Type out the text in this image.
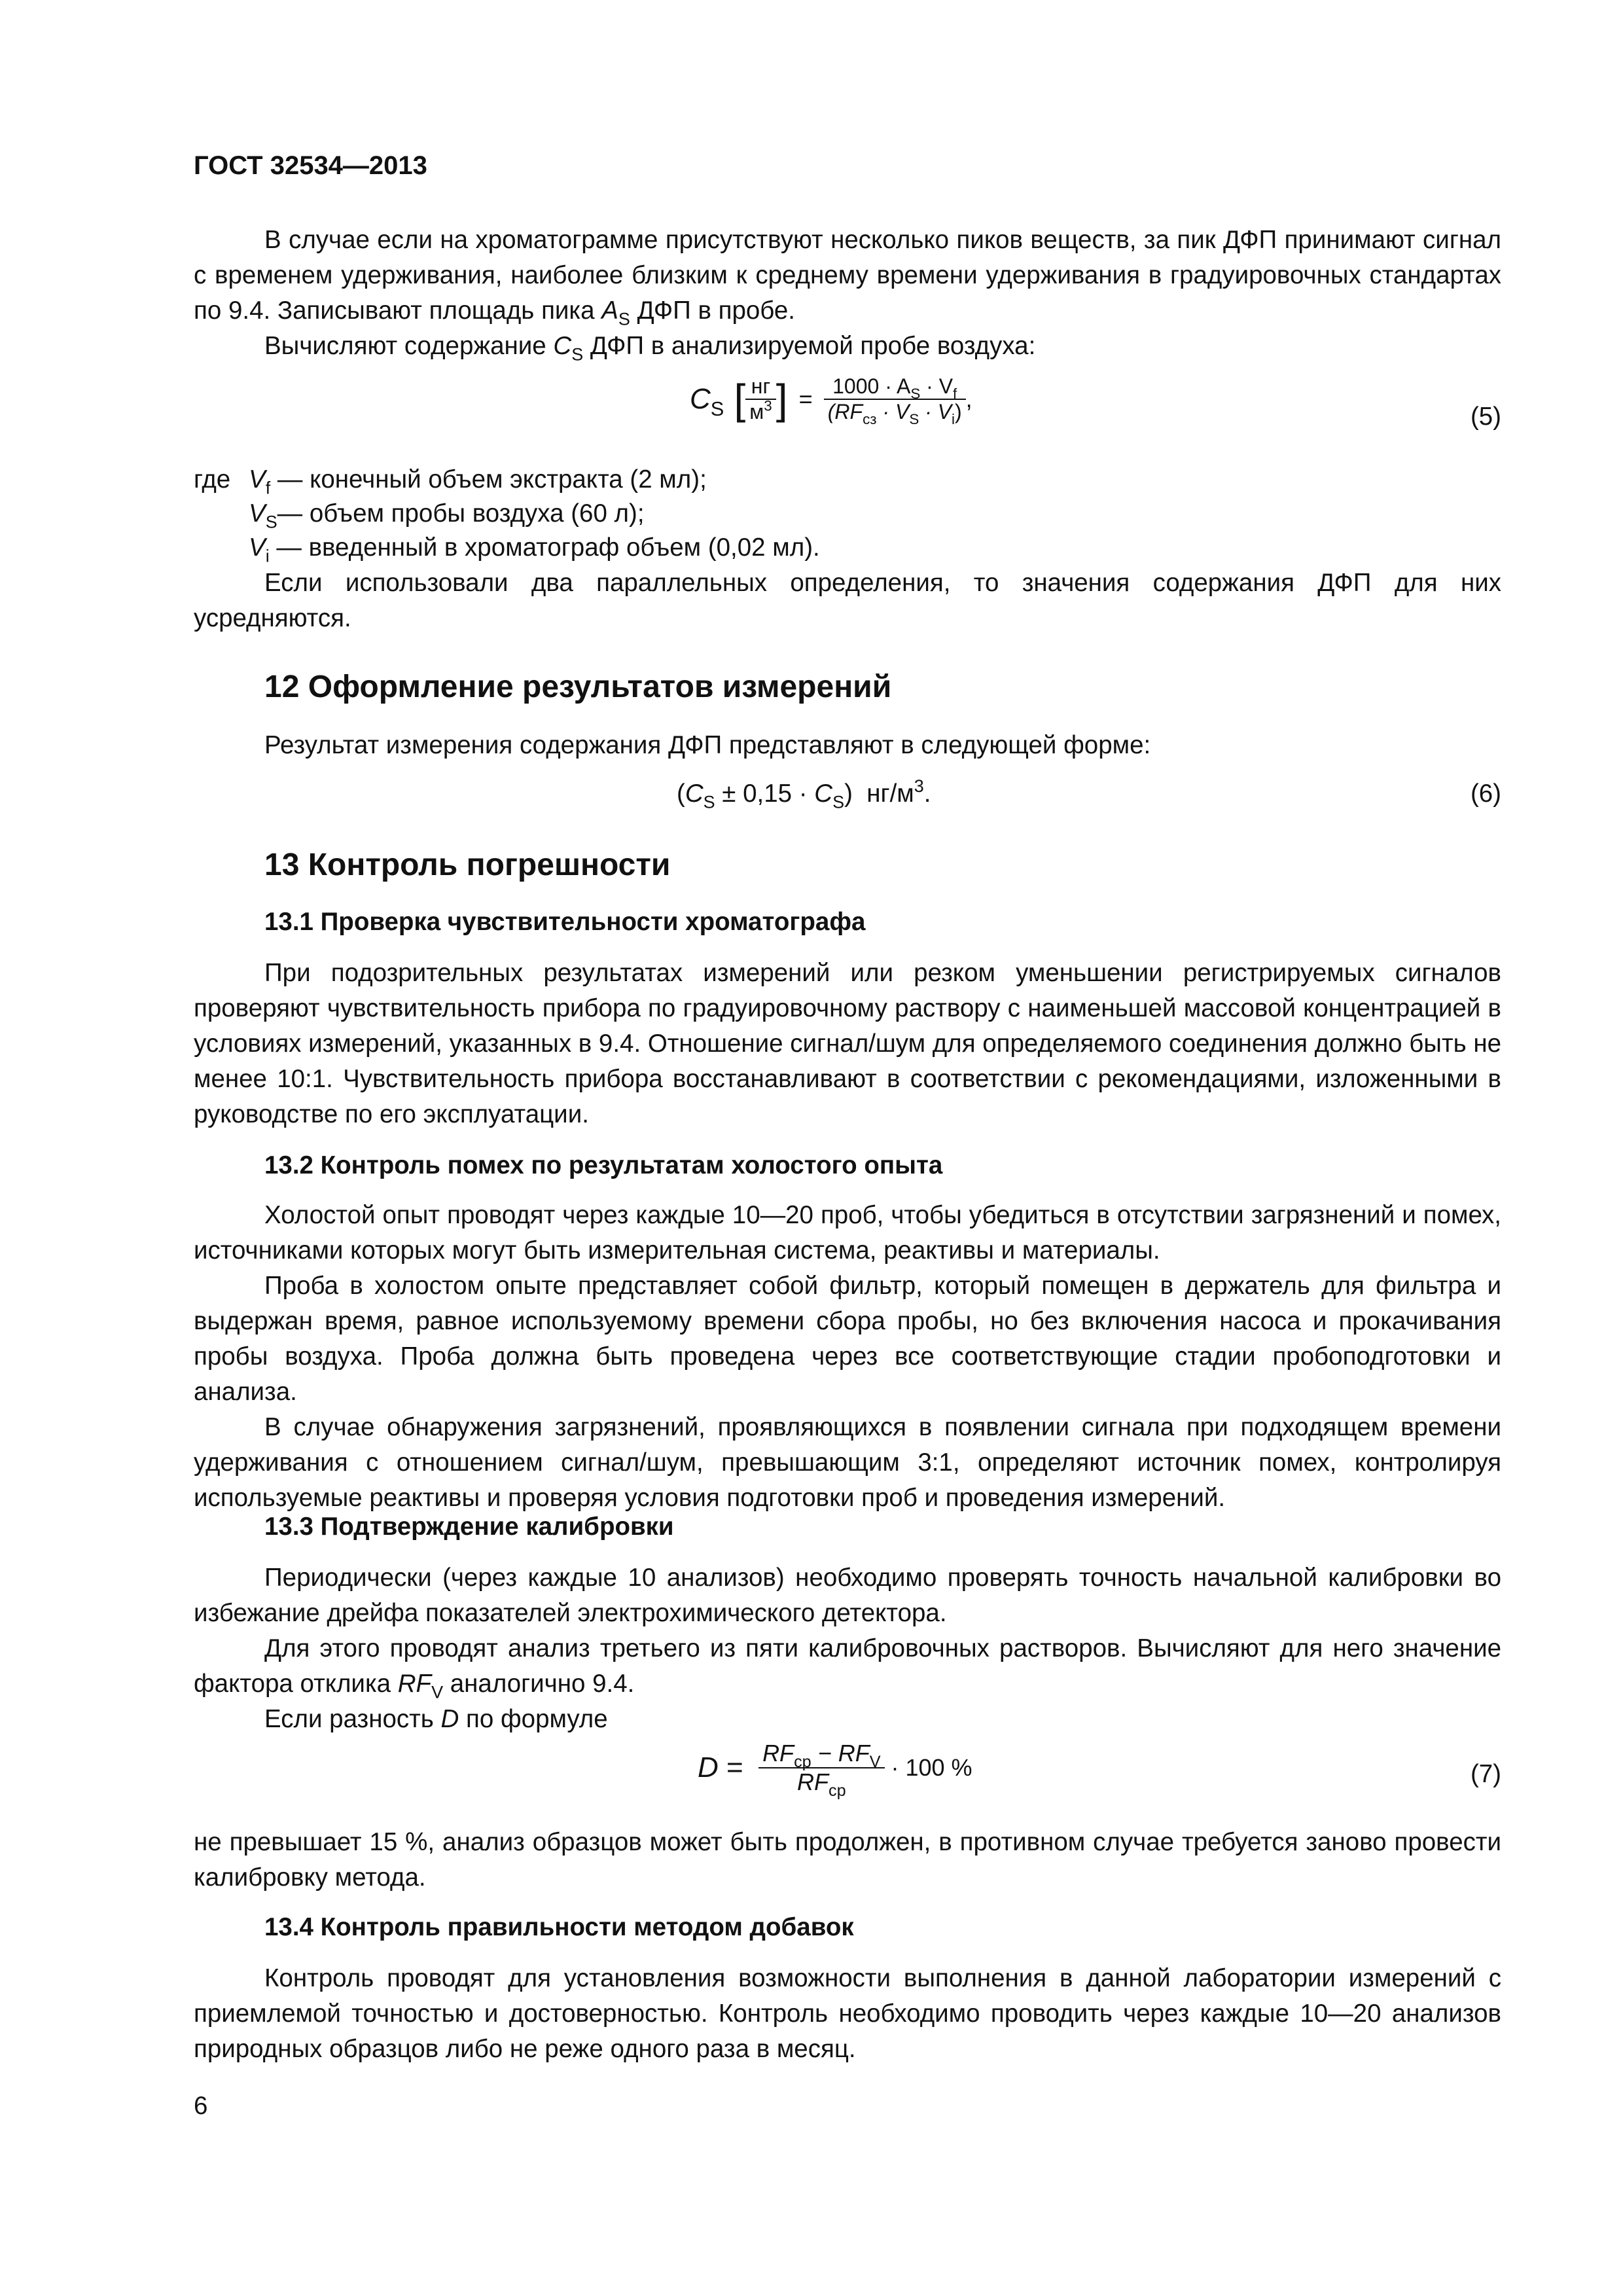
ГОСТ 32534—2013
В случае если на хроматограмме присутствуют несколько пиков веществ, за пик ДФП принимают сигнал с временем удерживания, наиболее близким к среднему времени удерживания в градуировочных стандартах по 9.4. Записывают площадь пика $A_S$ ДФП в пробе.
Вычисляют содержание $C_S$ ДФП в анализируемой пробе воздуха:
$C_S$ [ $\frac{нг}{м^3}$ ] = $\frac{1000 \cdot A_S \cdot V_f}{(RF_{сз} \cdot V_S \cdot V_i)}$ ,
(5)
где $V_f$ — конечный объем экстракта (2 мл);
$V_S—$ объем пробы воздуха (60 л);
$V_i$ — введенный в хроматограф объем (0,02 мл).
Если использовали два параллельных определения, то значения содержания ДФП для них усредняются.
12 Оформление результатов измерений
Результат измерения содержания ДФП представляют в следующей форме:
$(C_S \pm 0,15 \cdot C_S)$  $нг/м^3$.	(6)
13 Контроль погрешности
13.1 Проверка чувствительности хроматографа
При подозрительных результатах измерений или резком уменьшении регистрируемых сигналов проверяют чувствительность прибора по градуировочному раствору с наименьшей массовой концентрацией в условиях измерений, указанных в 9.4. Отношение сигнал/шум для определяемого соединения должно быть не менее 10:1. Чувствительность прибора восстанавливают в соответствии с рекомендациями, изложенными в руководстве по его эксплуатации.
13.2 Контроль помех по результатам холостого опыта
Холостой опыт проводят через каждые 10—20 проб, чтобы убедиться в отсутствии загрязнений и помех, источниками которых могут быть измерительная система, реактивы и материалы.
Проба в холостом опыте представляет собой фильтр, который помещен в держатель для фильтра и выдержан время, равное используемому времени сбора пробы, но без включения насоса и прокачивания пробы воздуха. Проба должна быть проведена через все соответствующие стадии пробоподготовки и анализа.
В случае обнаружения загрязнений, проявляющихся в появлении сигнала при подходящем времени удерживания с отношением сигнал/шум, превышающим 3:1, определяют источник помех, контролируя используемые реактивы и проверяя условия подготовки проб и проведения измерений.
13.3 Подтверждение калибровки
Периодически (через каждые 10 анализов) необходимо проверять точность начальной калибровки во избежание дрейфа показателей электрохимического детектора.
Для этого проводят анализ третьего из пяти калибровочных растворов. Вычисляют для него значение фактора отклика $RF_V$ аналогично 9.4.
Если разность D по формуле
$D = \frac{RF_{ср} - RF_V}{RF_{ср}} \cdot 100$ %	(7)
не превышает 15 %, анализ образцов может быть продолжен, в противном случае требуется заново провести калибровку метода.
13.4 Контроль правильности методом добавок
Контроль проводят для установления возможности выполнения в данной лаборатории измерений с приемлемой точностью и достоверностью. Контроль необходимо проводить через каждые 10—20 анализов природных образцов либо не реже одного раза в месяц.
6
